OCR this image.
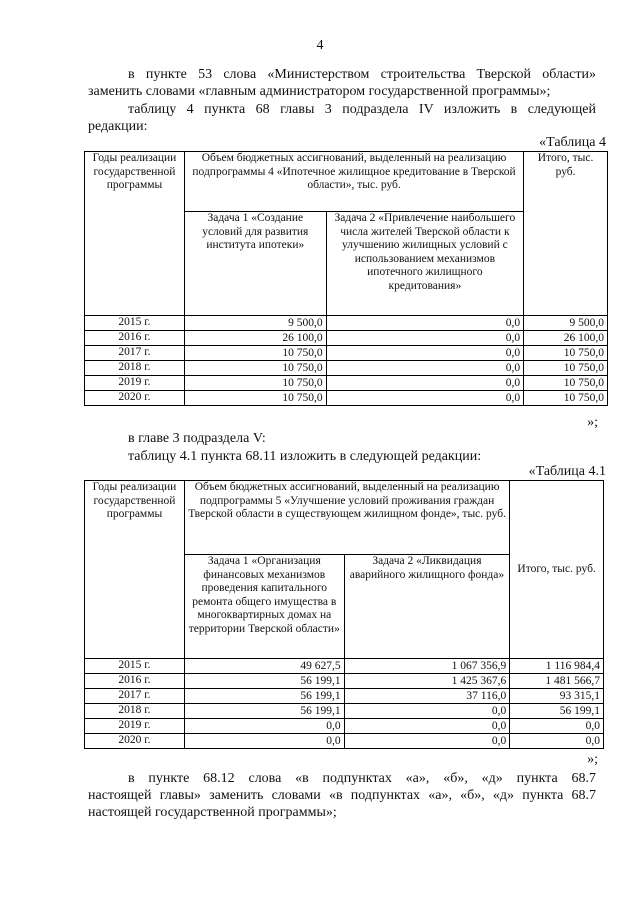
4
в пункте 53 слова «Министерством строительства Тверской области»
заменить словами «главным администратором государственной программы»;
таблицу 4 пункта 68 главы 3 подраздела IV изложить в следующей
редакции:
«Таблица 4
Годы реализации государственной программы	Объем бюджетных ассигнований, выделенный на реализацию подпрограммы 4 «Ипотечное жилищное кредитование в Тверской области», тыс. руб.		Итого, тыс. руб.
	Задача 1 «Создание условий для развития института ипотеки»	Задача 2 «Привлечение наибольшего числа жителей Тверской области к улучшению жилищных условий с использованием механизмов ипотечного жилищного кредитования»	
2015 г.	9 500,0	0,0	9 500,0
2016 г.	26 100,0	0,0	26 100,0
2017 г.	10 750,0	0,0	10 750,0
2018 г.	10 750,0	0,0	10 750,0
2019 г.	10 750,0	0,0	10 750,0
2020 г.	10 750,0	0,0	10 750,0
»;
в главе 3 подраздела V:
таблицу 4.1 пункта 68.11 изложить в следующей редакции:
«Таблица 4.1
Годы реализации государственной программы	Объем бюджетных ассигнований, выделенный на реализацию подпрограммы 5 «Улучшение условий проживания граждан Тверской области в существующем жилищном фонде», тыс. руб.		Итого, тыс. руб.
	Задача 1 «Организация финансовых механизмов проведения капитального ремонта общего имущества в многоквартирных домах на территории Тверской области»	Задача 2 «Ликвидация аварийного жилищного фонда»	
2015 г.	49 627,5	1 067 356,9	1 116 984,4
2016 г.	56 199,1	1 425 367,6	1 481 566,7
2017 г.	56 199,1	37 116,0	93 315,1
2018 г.	56 199,1	0,0	56 199,1
2019 г.	0,0	0,0	0,0
2020 г.	0,0	0,0	0,0
»;
в пункте 68.12 слова «в подпунктах «а», «б», «д» пункта 68.7
настоящей главы» заменить словами «в подпунктах «а», «б», «д» пункта 68.7
настоящей государственной программы»;
